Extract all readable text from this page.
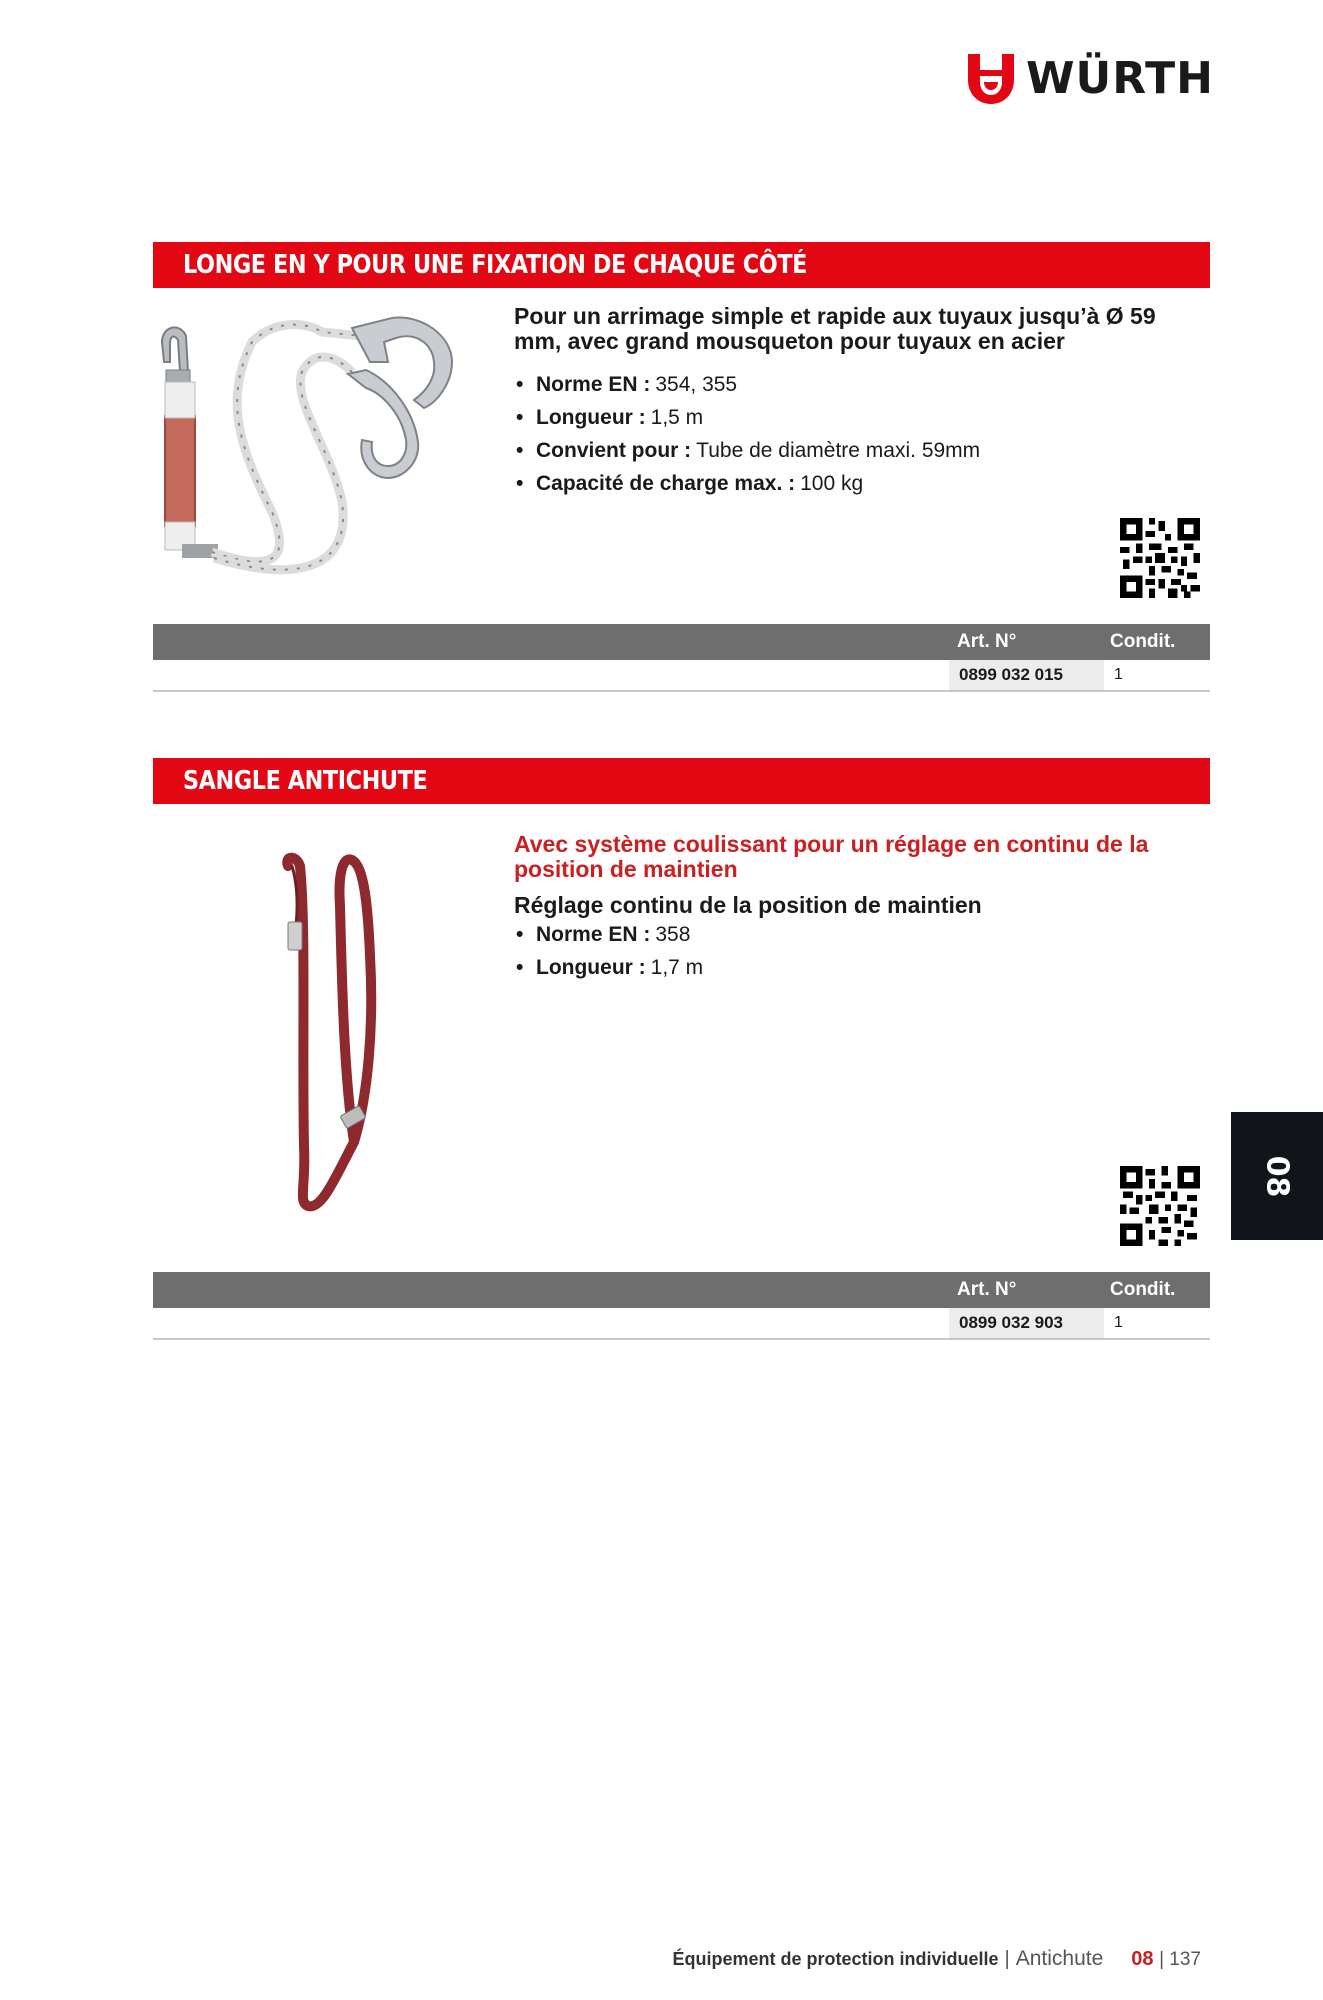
WÜRTH
LONGE EN Y POUR UNE FIXATION DE CHAQUE CÔTÉ

Pour un arrimage simple et rapide aux tuyaux jusqu’à Ø 59 mm, avec grand mousqueton pour tuyaux en acier

• Norme EN : 354, 355
• Longueur : 1,5 m
• Convient pour : Tube de diamètre maxi. 59mm
• Capacité de charge max. : 100 kg
Art. N°	Condit.
0899 032 015	1
SANGLE ANTICHUTE

Avec système coulissant pour un réglage en continu de la position de maintien

Réglage continu de la position de maintien

• Norme EN : 358
• Longueur : 1,7 m
Art. N°	Condit.
0899 032 903	1
08
Équipement de protection individuelle | Antichute 08 | 137
